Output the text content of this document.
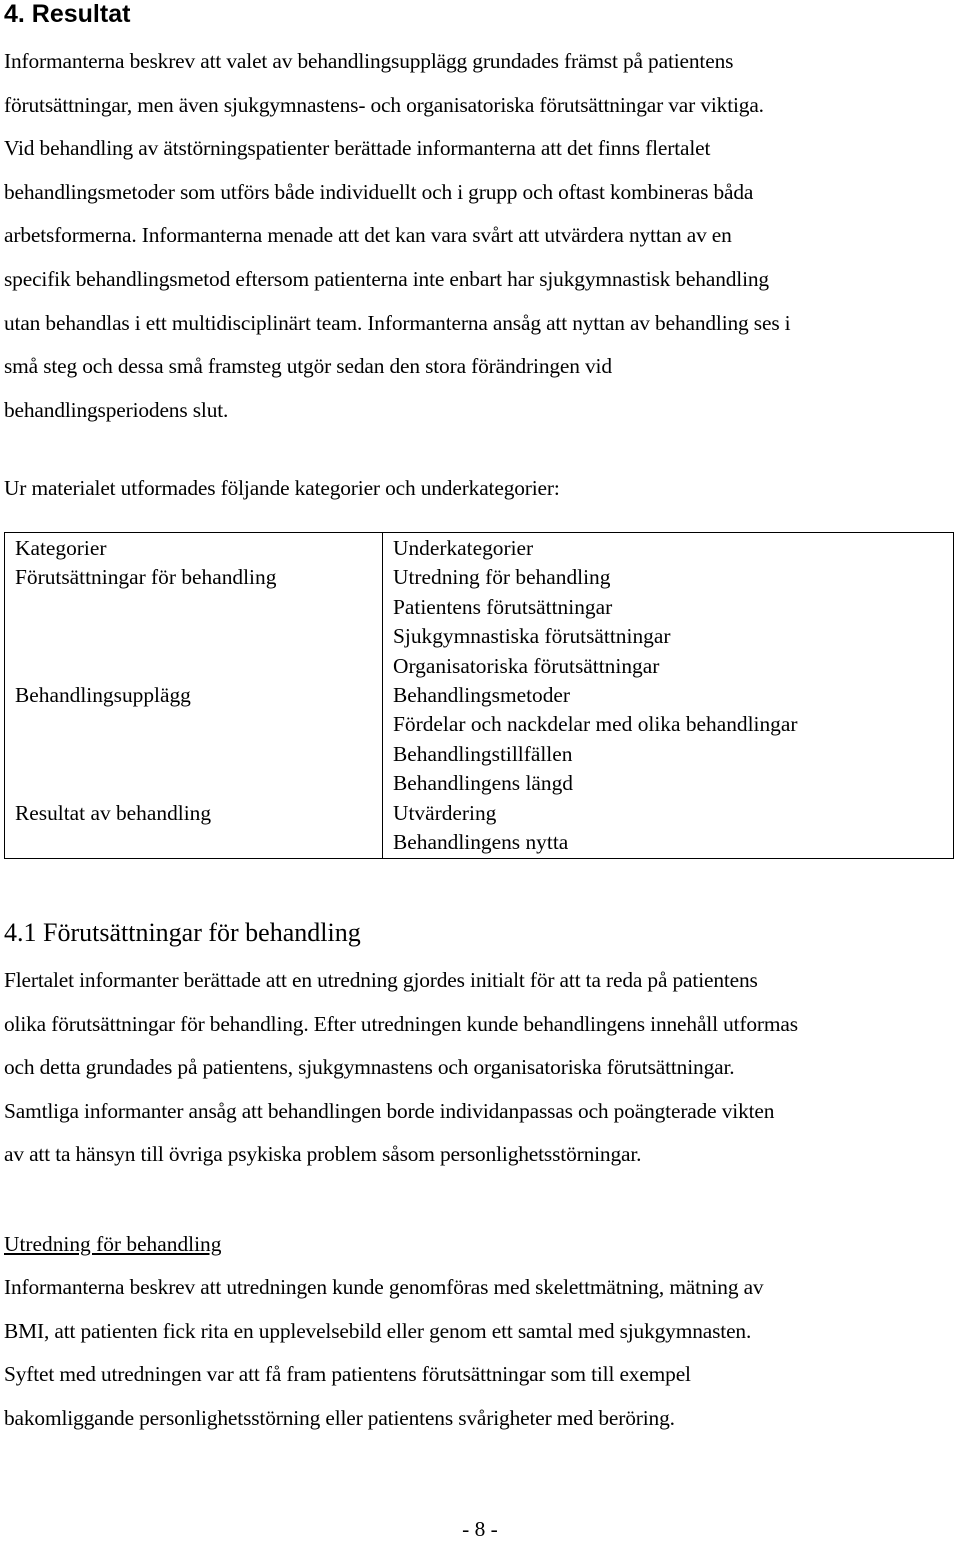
4. Resultat

Informanterna beskrev att valet av behandlingsupplägg grundades främst på patientens
förutsättningar, men även sjukgymnastens- och organisatoriska förutsättningar var viktiga.
Vid behandling av ätstörningspatienter berättade informanterna att det finns flertalet
behandlingsmetoder som utförs både individuellt och i grupp och oftast kombineras båda
arbetsformerna. Informanterna menade att det kan vara svårt att utvärdera nyttan av en
specifik behandlingsmetod eftersom patienterna inte enbart har sjukgymnastisk behandling
utan behandlas i ett multidisciplinärt team. Informanterna ansåg att nyttan av behandling ses i
små steg och dessa små framsteg utgör sedan den stora förändringen vid
behandlingsperiodens slut.

Ur materialet utformades följande kategorier och underkategorier:

Kategorier	Underkategorier
Förutsättningar för behandling	Utredning för behandling
Patientens förutsättningar
Sjukgymnastiska förutsättningar
Organisatoriska förutsättningar

Behandlingsupplägg	Behandlingsmetoder
Fördelar och nackdelar med olika behandlingar
Behandlingstillfällen
Behandlingens längd

Resultat av behandling	Utvärdering
Behandlingens nytta
4.1 Förutsättningar för behandling

Flertalet informanter berättade att en utredning gjordes initialt för att ta reda på patientens
olika förutsättningar för behandling. Efter utredningen kunde behandlingens innehåll utformas
och detta grundades på patientens, sjukgymnastens och organisatoriska förutsättningar.
Samtliga informanter ansåg att behandlingen borde individanpassas och poängterade vikten
av att ta hänsyn till övriga psykiska problem såsom personlighetsstörningar.

Utredning för behandling

Informanterna beskrev att utredningen kunde genomföras med skelettmätning, mätning av
BMI, att patienten fick rita en upplevelsebild eller genom ett samtal med sjukgymnasten.
Syftet med utredningen var att få fram patientens förutsättningar som till exempel
bakomliggande personlighetsstörning eller patientens svårigheter med beröring.

- 8 -
